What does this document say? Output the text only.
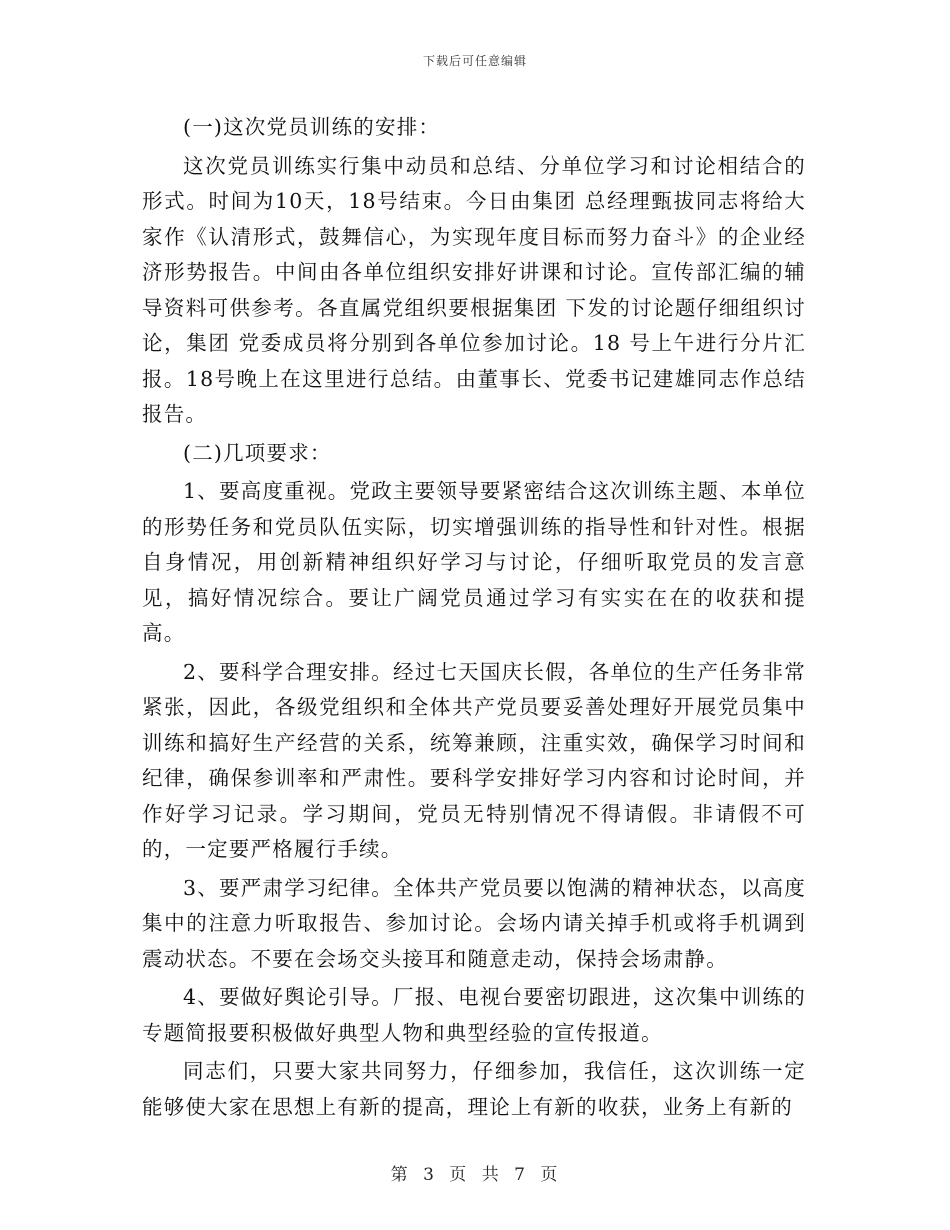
下载后可任意编辑

(一)这次党员训练的安排：

这次党员训练实行集中动员和总结、分单位学习和讨论相结合的形式。时间为10天，18号结束。今日由集团 总经理甄拔同志将给大家作《认清形式，鼓舞信心，为实现年度目标而努力奋斗》的企业经济形势报告。中间由各单位组织安排好讲课和讨论。宣传部汇编的辅导资料可供参考。各直属党组织要根据集团 下发的讨论题仔细组织讨论，集团 党委成员将分别到各单位参加讨论。18 号上午进行分片汇报。18号晚上在这里进行总结。由董事长、党委书记建雄同志作总结报告。

(二)几项要求：

1、要高度重视。党政主要领导要紧密结合这次训练主题、本单位的形势任务和党员队伍实际，切实增强训练的指导性和针对性。根据自身情况，用创新精神组织好学习与讨论，仔细听取党员的发言意见，搞好情况综合。要让广阔党员通过学习有实实在在的收获和提高。

2、要科学合理安排。经过七天国庆长假，各单位的生产任务非常紧张，因此，各级党组织和全体共产党员要妥善处理好开展党员集中训练和搞好生产经营的关系，统筹兼顾，注重实效，确保学习时间和纪律，确保参训率和严肃性。要科学安排好学习内容和讨论时间，并作好学习记录。学习期间，党员无特别情况不得请假。非请假不可的，一定要严格履行手续。

3、要严肃学习纪律。全体共产党员要以饱满的精神状态，以高度集中的注意力听取报告、参加讨论。会场内请关掉手机或将手机调到震动状态。不要在会场交头接耳和随意走动，保持会场肃静。

4、要做好舆论引导。厂报、电视台要密切跟进，这次集中训练的专题简报要积极做好典型人物和典型经验的宣传报道。

同志们，只要大家共同努力，仔细参加，我信任，这次训练一定能够使大家在思想上有新的提高，理论上有新的收获，业务上有新的

第 3 页 共 7 页
